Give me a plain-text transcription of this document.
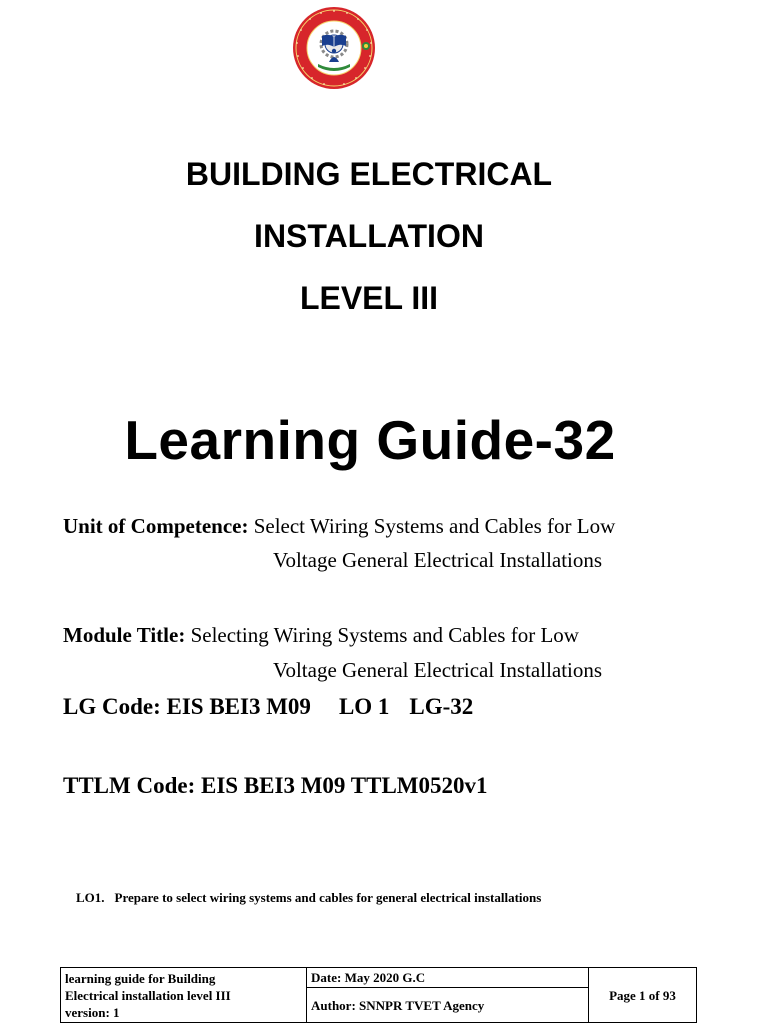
BUILDING ELECTRICAL
INSTALLATION
LEVEL III
Learning Guide-32
Unit of Competence: Select Wiring Systems and Cables for Low
Voltage General Electrical Installations
Module Title: Selecting Wiring Systems and Cables for Low
Voltage General Electrical Installations
LG Code: EIS BEI3 M09 LO 1 LG-32
TTLM Code: EIS BEI3 M09 TTLM0520v1
LO1. Prepare to select wiring systems and cables for general electrical installations
learning guide for Building
Electrical installation level III
version: 1
	Date: May 2020 G.C	Page 1 of 93
Author: SNNPR TVET Agency
